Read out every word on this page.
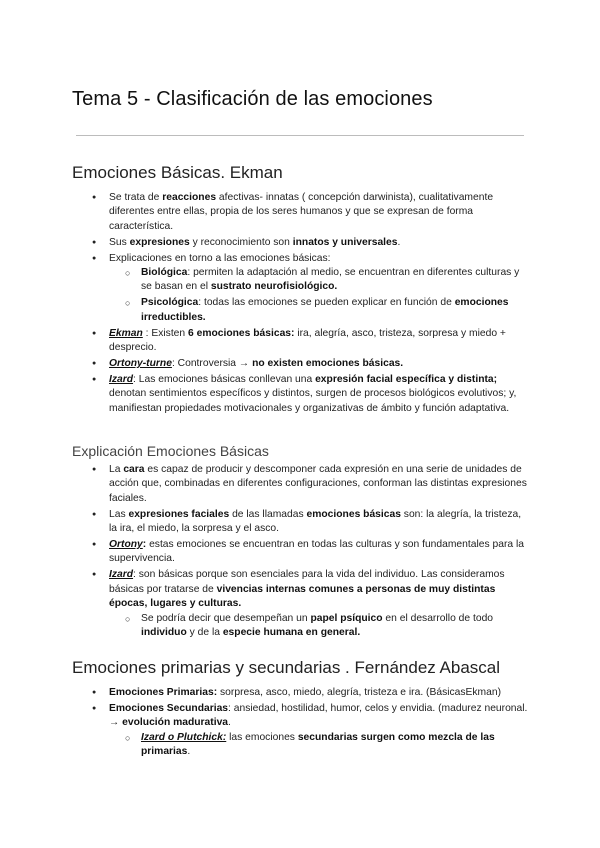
Tema 5 - Clasificación de las emociones
Emociones Básicas. Ekman
● Se trata de reacciones afectivas- innatas ( concepción darwinista), cualitativamente diferentes entre ellas, propia de los seres humanos y que se expresan de forma característica.
● Sus expresiones y reconocimiento son innatos y universales.
● Explicaciones en torno a las emociones básicas:
○ Biológica: permiten la adaptación al medio, se encuentran en diferentes culturas y se basan en el sustrato neurofisiológico.
○ Psicológica: todas las emociones se pueden explicar en función de emociones irreductibles.
● Ekman : Existen 6 emociones básicas: ira, alegría, asco, tristeza, sorpresa y miedo + desprecio.
● Ortony-turne: Controversia → no existen emociones básicas.
● Izard: Las emociones básicas conllevan una expresión facial específica y distinta; denotan sentimientos específicos y distintos, surgen de procesos biológicos evolutivos; y, manifiestan propiedades motivacionales y organizativas de ámbito y función adaptativa.
Explicación Emociones Básicas
● La cara es capaz de producir y descomponer cada expresión en una serie de unidades de acción que, combinadas en diferentes configuraciones, conforman las distintas expresiones faciales.
● Las expresiones faciales de las llamadas emociones básicas son: la alegría, la tristeza, la ira, el miedo, la sorpresa y el asco.
● Ortony: estas emociones se encuentran en todas las culturas y son fundamentales para la supervivencia.
● Izard: son básicas porque son esenciales para la vida del individuo. Las consideramos básicas por tratarse de vivencias internas comunes a personas de muy distintas épocas, lugares y culturas.
○ Se podría decir que desempeñan un papel psíquico en el desarrollo de todo individuo y de la especie humana en general.
Emociones primarias y secundarias . Fernández Abascal
● Emociones Primarias: sorpresa, asco, miedo, alegría, tristeza e ira. (BásicasEkman)
● Emociones Secundarias: ansiedad, hostilidad, humor, celos y envidia. (madurez neuronal. → evolución madurativa.
○ Izard o Plutchick: las emociones secundarias surgen como mezcla de las primarias.
